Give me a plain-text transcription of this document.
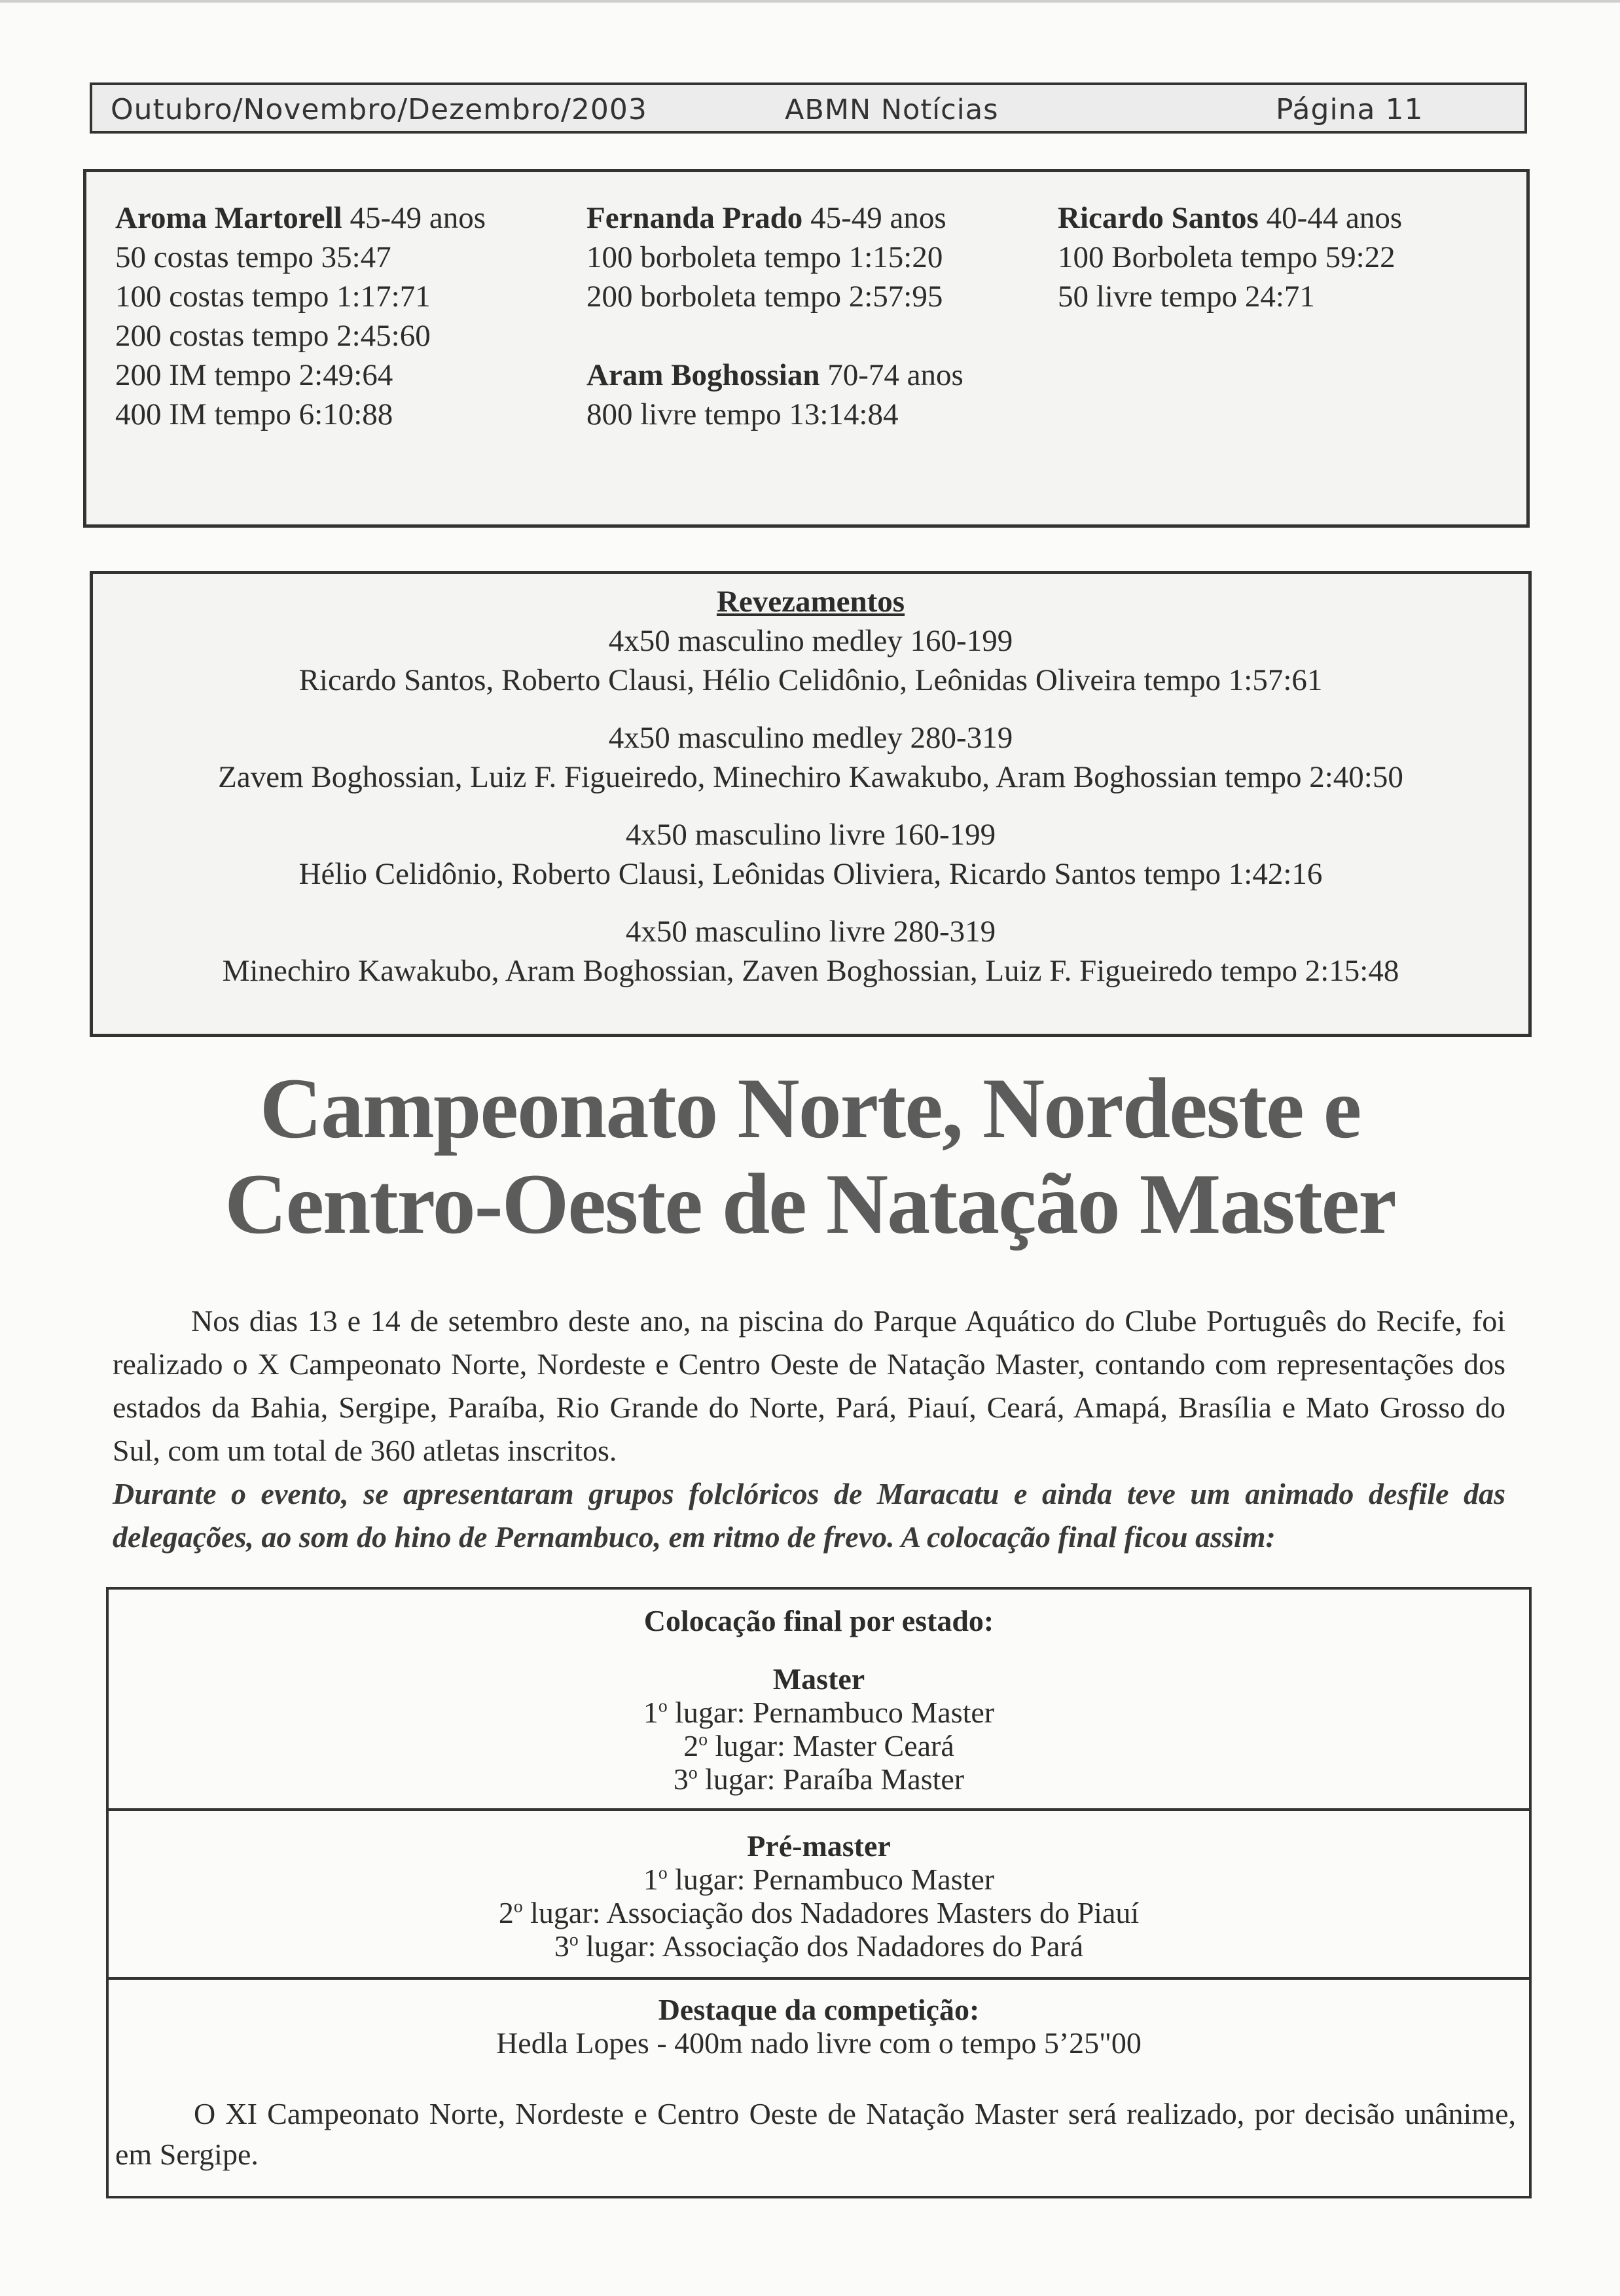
Outubro/Novembro/Dezembro/2003	ABMN Notícias	Página 11
Aroma Martorell 45-49 anos
50 costas tempo 35:47
100 costas tempo 1:17:71
200 costas tempo 2:45:60
200 IM tempo 2:49:64
400 IM tempo 6:10:88
Fernanda Prado 45-49 anos
100 borboleta tempo 1:15:20
200 borboleta tempo 2:57:95
Aram Boghossian 70-74 anos
800 livre tempo 13:14:84
Ricardo Santos 40-44 anos
100 Borboleta tempo 59:22
50 livre tempo 24:71
Revezamentos
4x50 masculino medley 160-199
Ricardo Santos, Roberto Clausi, Hélio Celidônio, Leônidas Oliveira tempo 1:57:61
4x50 masculino medley 280-319
Zavem Boghossian, Luiz F. Figueiredo, Minechiro Kawakubo, Aram Boghossian tempo 2:40:50
4x50 masculino livre 160-199
Hélio Celidônio, Roberto Clausi, Leônidas Oliviera, Ricardo Santos tempo 1:42:16
4x50 masculino livre 280-319
Minechiro Kawakubo, Aram Boghossian, Zaven Boghossian, Luiz F. Figueiredo tempo 2:15:48
Campeonato Norte, Nordeste e
Centro-Oeste de Natação Master

Nos dias 13 e 14 de setembro deste ano, na piscina do Parque Aquático do Clube Português do Recife, foi realizado o X Campeonato Norte, Nordeste e Centro Oeste de Natação Master, contando com representações dos estados da Bahia, Sergipe, Paraíba, Rio Grande do Norte, Pará, Piauí, Ceará, Amapá, Brasília e Mato Grosso do Sul, com um total de 360 atletas inscritos.

Durante o evento, se apresentaram grupos folclóricos de Maracatu e ainda teve um animado desfile das delegações, ao som do hino de Pernambuco, em ritmo de frevo. A colocação final ficou assim:

Colocação final por estado:
Master
1$^o$ lugar: Pernambuco Master
2$^o$ lugar: Master Ceará
3$^o$ lugar: Paraíba Master
Pré-master
1$^o$ lugar: Pernambuco Master
2$^o$ lugar: Associação dos Nadadores Masters do Piauí
3$^o$ lugar: Associação dos Nadadores do Pará
Destaque da competição:
Hedla Lopes - 400m nado livre com o tempo 5’25"00

O XI Campeonato Norte, Nordeste e Centro Oeste de Natação Master será realizado, por decisão unânime, em Sergipe.
